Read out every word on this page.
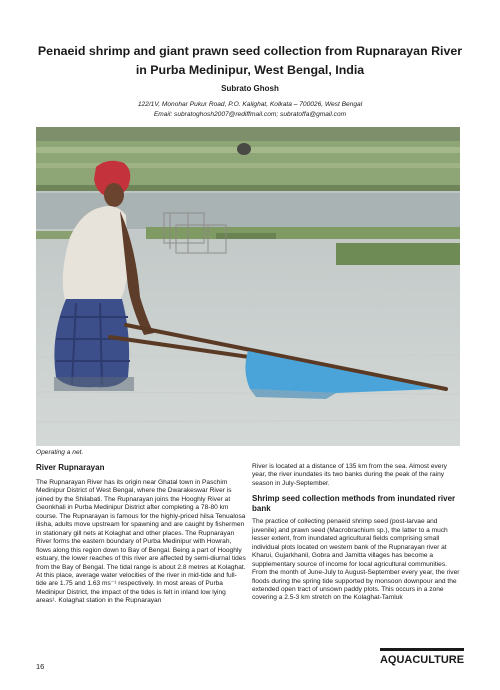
Penaeid shrimp and giant prawn seed collection from Rupnarayan River
in Purba Medinipur, West Bengal, India
Subrato Ghosh
122/1V, Monohar Pukur Road, P.O. Kalighat, Kolkata – 700026, West Bengal
Email: subratoghosh2007@rediffmail.com; subratoffa@gmail.com
Operating a net.
River Rupnarayan

The Rupnarayan River has its origin near Ghatal town in Paschim Medinipur District of West Bengal, where the Dwarakeswar River is joined by the Shilabati. The Rupnarayan joins the Hooghly River at Geonkhali in Purba Medinipur District after completing a 78-80 km course. The Rupnarayan is famous for the highly-priced hilsa Tenualosa ilisha, adults move upstream for spawning and are caught by fishermen in stationary gill nets at Kolaghat and other places. The Rupnarayan River forms the eastern boundary of Purba Medinipur with Howrah, flows along this region down to Bay of Bengal. Being a part of Hooghly estuary, the lower reaches of this river are affected by semi-diurnal tides from the Bay of Bengal. The tidal range is about 2.8 metres at Kolaghat. At this place, average water velocities of the river in mid-tide and full-tide are 1.75 and 1.63 ms⁻¹ respectively. In most areas of Purba Medinipur District, the impact of the tides is felt in inland low lying areas¹. Kolaghat station in the Rupnarayan

River is located at a distance of 135 km from the sea. Almost every year, the river inundates its two banks during the peak of the rainy season in July-September.

Shrimp seed collection methods from inundated river bank

The practice of collecting penaeid shrimp seed (post-larvae and juvenile) and prawn seed (Macrobrachium sp.), the latter to a much lesser extent, from inundated agricultural fields comprising small individual plots located on western bank of the Rupnarayan river at Kharui, Gujarkhanil, Gobra and Jamitta villages has become a supplementary source of income for local agricultural communities. From the month of June-July to August-September every year, the river floods during the spring tide supported by monsoon downpour and the extended open tract of unsown paddy plots. This occurs in a zone covering a 2.5-3 km stretch on the Kolaghat-Tamluk

16
AQUACULTURE
